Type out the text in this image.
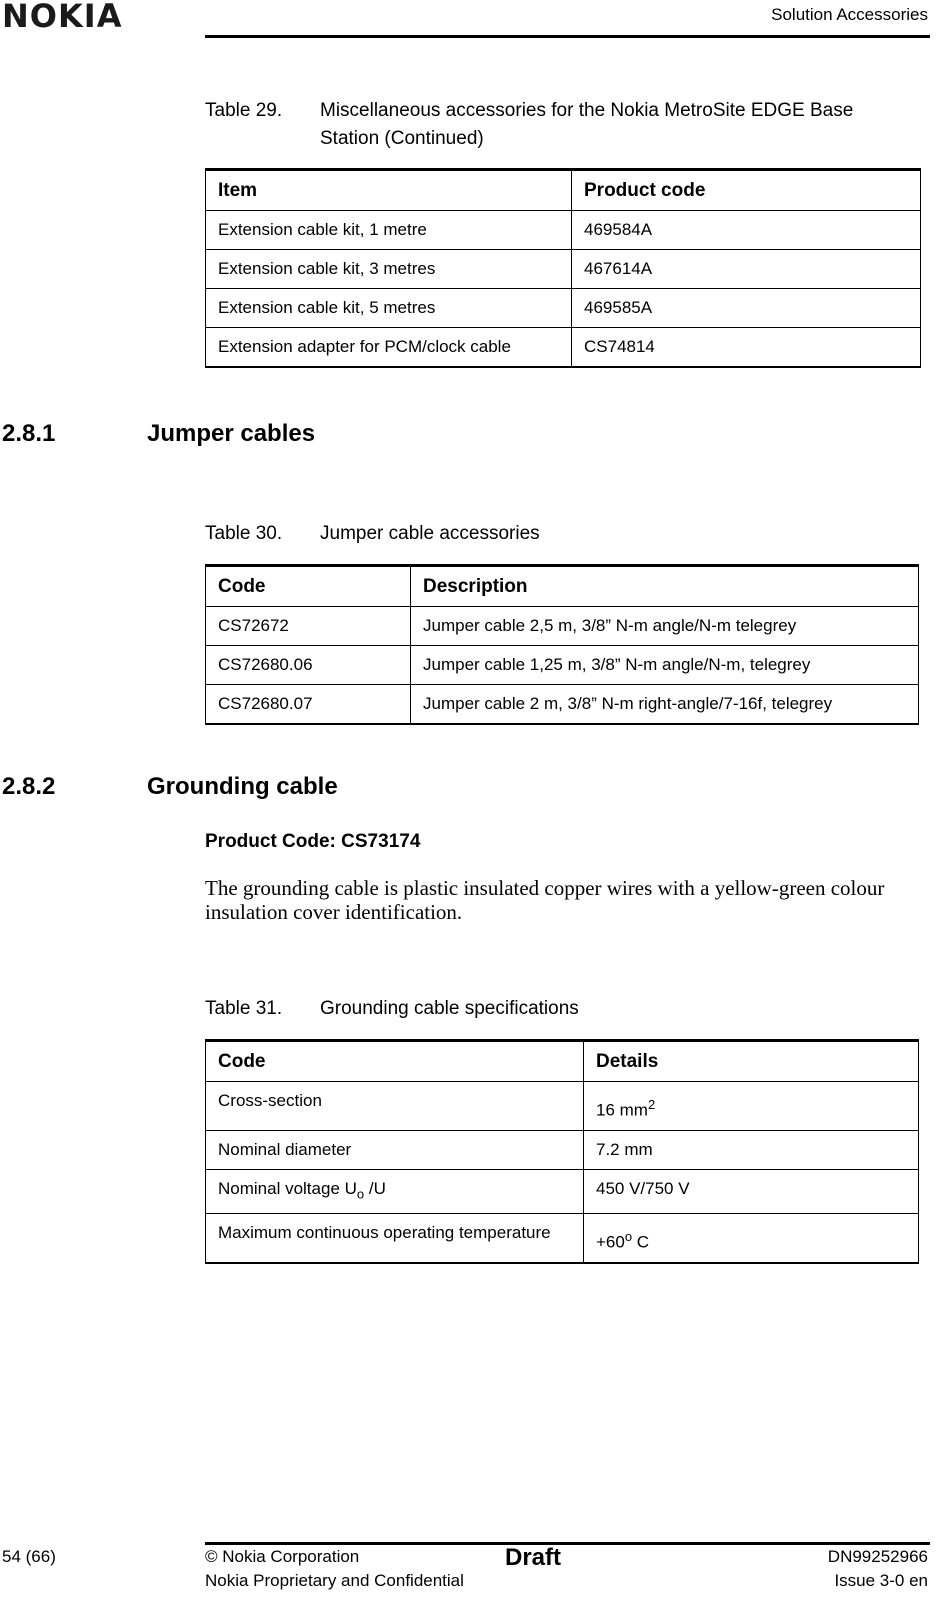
NOKIA	Solution Accessories
Table 29. Miscellaneous accessories for the Nokia MetroSite EDGE Base Station (Continued)
Item	Product code
Extension cable kit, 1 metre	469584A
Extension cable kit, 3 metres	467614A
Extension cable kit, 5 metres	469585A
Extension adapter for PCM/clock cable	CS74814
2.8.1	Jumper cables
Table 30. Jumper cable accessories
Code	Description
CS72672	Jumper cable 2,5 m, 3/8” N-m angle/N-m telegrey
CS72680.06	Jumper cable 1,25 m, 3/8” N-m angle/N-m, telegrey
CS72680.07	Jumper cable 2 m, 3/8” N-m right-angle/7-16f, telegrey
2.8.2	Grounding cable
Product Code: CS73174
The grounding cable is plastic insulated copper wires with a yellow-green colour insulation cover identification.
Table 31. Grounding cable specifications
Code	Details
Cross-section	16 $mm^2$
Nominal diameter	7.2 mm
Nominal voltage $U_o$ /U	450 V/750 V
Maximum continuous operating temperature	$+60^o$ C
54 (66)	© Nokia Corporation
Nokia Proprietary and Confidential
Draft	DN99252966
Issue 3-0 en
